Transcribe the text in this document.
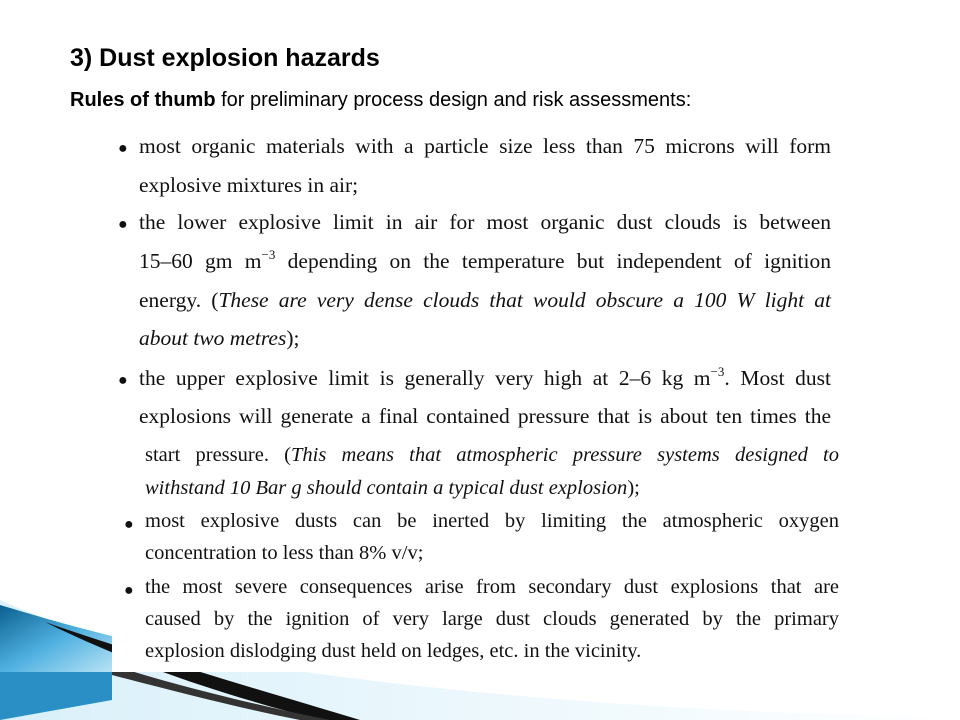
3) Dust explosion hazards

Rules of thumb for preliminary process design and risk assessments:

● most organic materials with a particle size less than 75 microns will form
explosive mixtures in air;
● the lower explosive limit in air for most organic dust clouds is between
15–60 gm $m^{-3}$ depending on the temperature but independent of ignition
energy. (These are very dense clouds that would obscure a 100 W light at
about two metres);
● the upper explosive limit is generally very high at 2–6 kg $m^{-3}$. Most dust
explosions will generate a final contained pressure that is about ten times the
start pressure. (This means that atmospheric pressure systems designed to
withstand 10 Bar g should contain a typical dust explosion);
● most explosive dusts can be inerted by limiting the atmospheric oxygen
concentration to less than 8% v/v;
● the most severe consequences arise from secondary dust explosions that are
caused by the ignition of very large dust clouds generated by the primary
explosion dislodging dust held on ledges, etc. in the vicinity.
